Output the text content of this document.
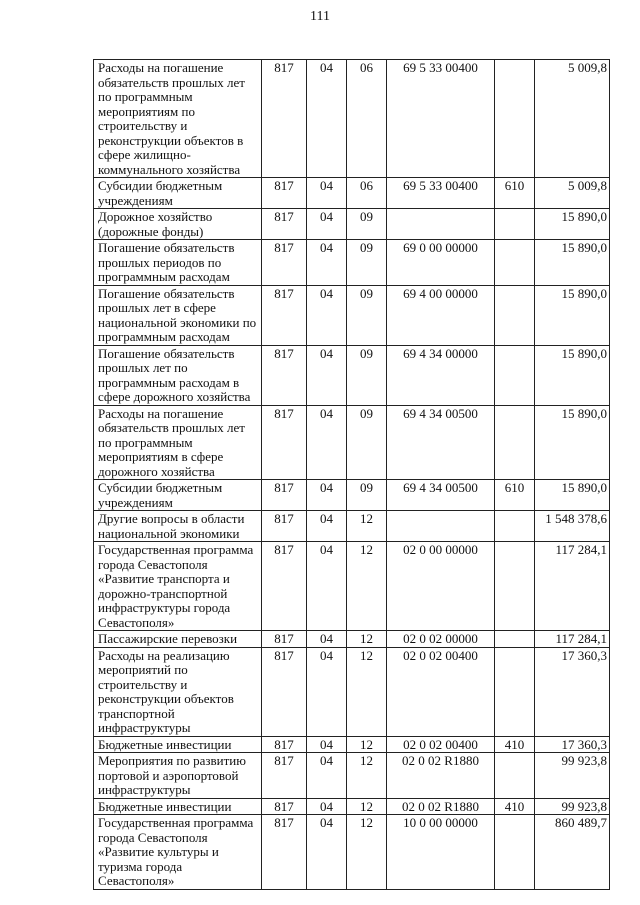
111
Расходы на погашение обязательств прошлых лет по программным мероприятиям по строительству и реконструкции объектов в сфере жилищно-коммунального хозяйства	817	04	06	69 5 33 00400		5 009,8
Субсидии бюджетным учреждениям	817	04	06	69 5 33 00400	610	5 009,8
Дорожное хозяйство (дорожные фонды)	817	04	09			15 890,0
Погашение обязательств прошлых периодов по программным расходам	817	04	09	69 0 00 00000		15 890,0
Погашение обязательств прошлых лет в сфере национальной экономики по программным расходам	817	04	09	69 4 00 00000		15 890,0
Погашение обязательств прошлых лет по программным расходам в сфере дорожного хозяйства	817	04	09	69 4 34 00000		15 890,0
Расходы на погашение обязательств прошлых лет по программным мероприятиям в сфере дорожного хозяйства	817	04	09	69 4 34 00500		15 890,0
Субсидии бюджетным учреждениям	817	04	09	69 4 34 00500	610	15 890,0
Другие вопросы в области национальной экономики	817	04	12			1 548 378,6
Государственная программа города Севастополя «Развитие транспорта и дорожно-транспортной инфраструктуры города Севастополя»	817	04	12	02 0 00 00000		117 284,1
Пассажирские перевозки	817	04	12	02 0 02 00000		117 284,1
Расходы на реализацию мероприятий по строительству и реконструкции объектов транспортной инфраструктуры	817	04	12	02 0 02 00400		17 360,3
Бюджетные инвестиции	817	04	12	02 0 02 00400	410	17 360,3
Мероприятия по развитию портовой и аэропортовой инфраструктуры	817	04	12	02 0 02 R1880		99 923,8
Бюджетные инвестиции	817	04	12	02 0 02 R1880	410	99 923,8
Государственная программа города Севастополя «Развитие культуры и туризма города Севастополя»	817	04	12	10 0 00 00000		860 489,7
